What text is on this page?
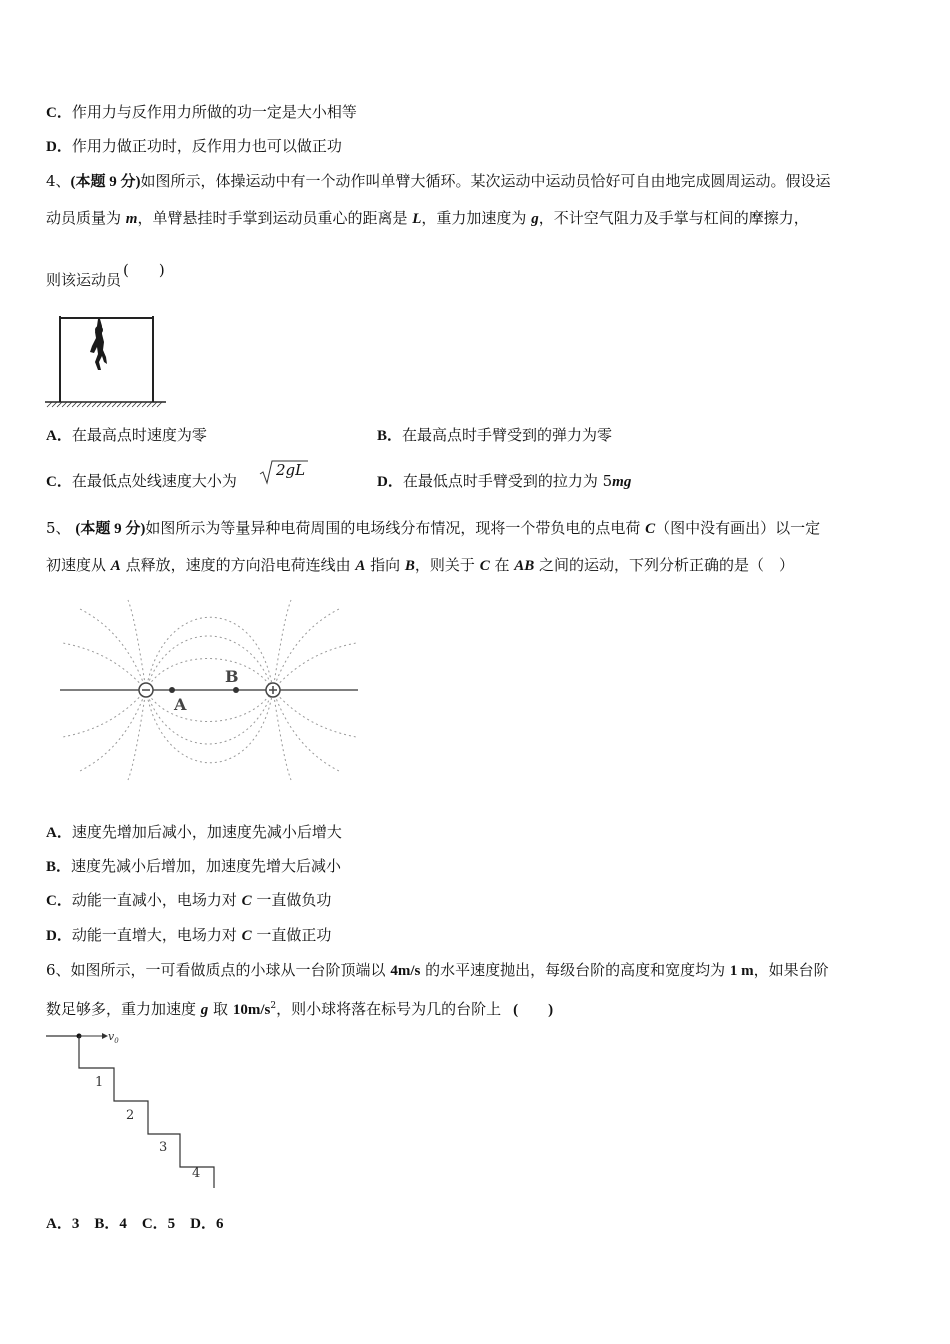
C．作用力与反作用力所做的功一定是大小相等
D．作用力做正功时，反作用力也可以做正功
4、(本题 9 分)如图所示，体操运动中有一个动作叫单臂大循环。某次运动中运动员恰好可自由地完成圆周运动。假设运
动员质量为 m，单臂悬挂时手掌到运动员重心的距离是 L，重力加速度为 g，不计空气阻力及手掌与杠间的摩擦力，
则该运动员(　　)
A．在最高点时速度为零	B．在最高点时手臂受到的弹力为零
C．在最低点处线速度大小为
2gL
D．在最低点时手臂受到的拉力为 5mg
5、 (本题 9 分)如图所示为等量异种电荷周围的电场线分布情况，现将一个带负电的点电荷 C（图中没有画出）以一定
初速度从 A 点释放，速度的方向沿电荷连线由 A 指向 B，则关于 C 在 AB 之间的运动，下列分析正确的是（　）
A
B
A．速度先增加后减小，加速度先减小后增大
B．速度先减小后增加，加速度先增大后减小
C．动能一直减小，电场力对 C 一直做负功
D．动能一直增大，电场力对 C 一直做正功
6、如图所示，一可看做质点的小球从一台阶顶端以 4m/s 的水平速度抛出，每级台阶的高度和宽度均为 1 m，如果台阶
数足够多，重力加速度 g 取 $10m/s^2$，则小球将落在标号为几的台阶上 (　　)
$v_0$
1
2
3
4
A．3　B．4　C．5　D．6
